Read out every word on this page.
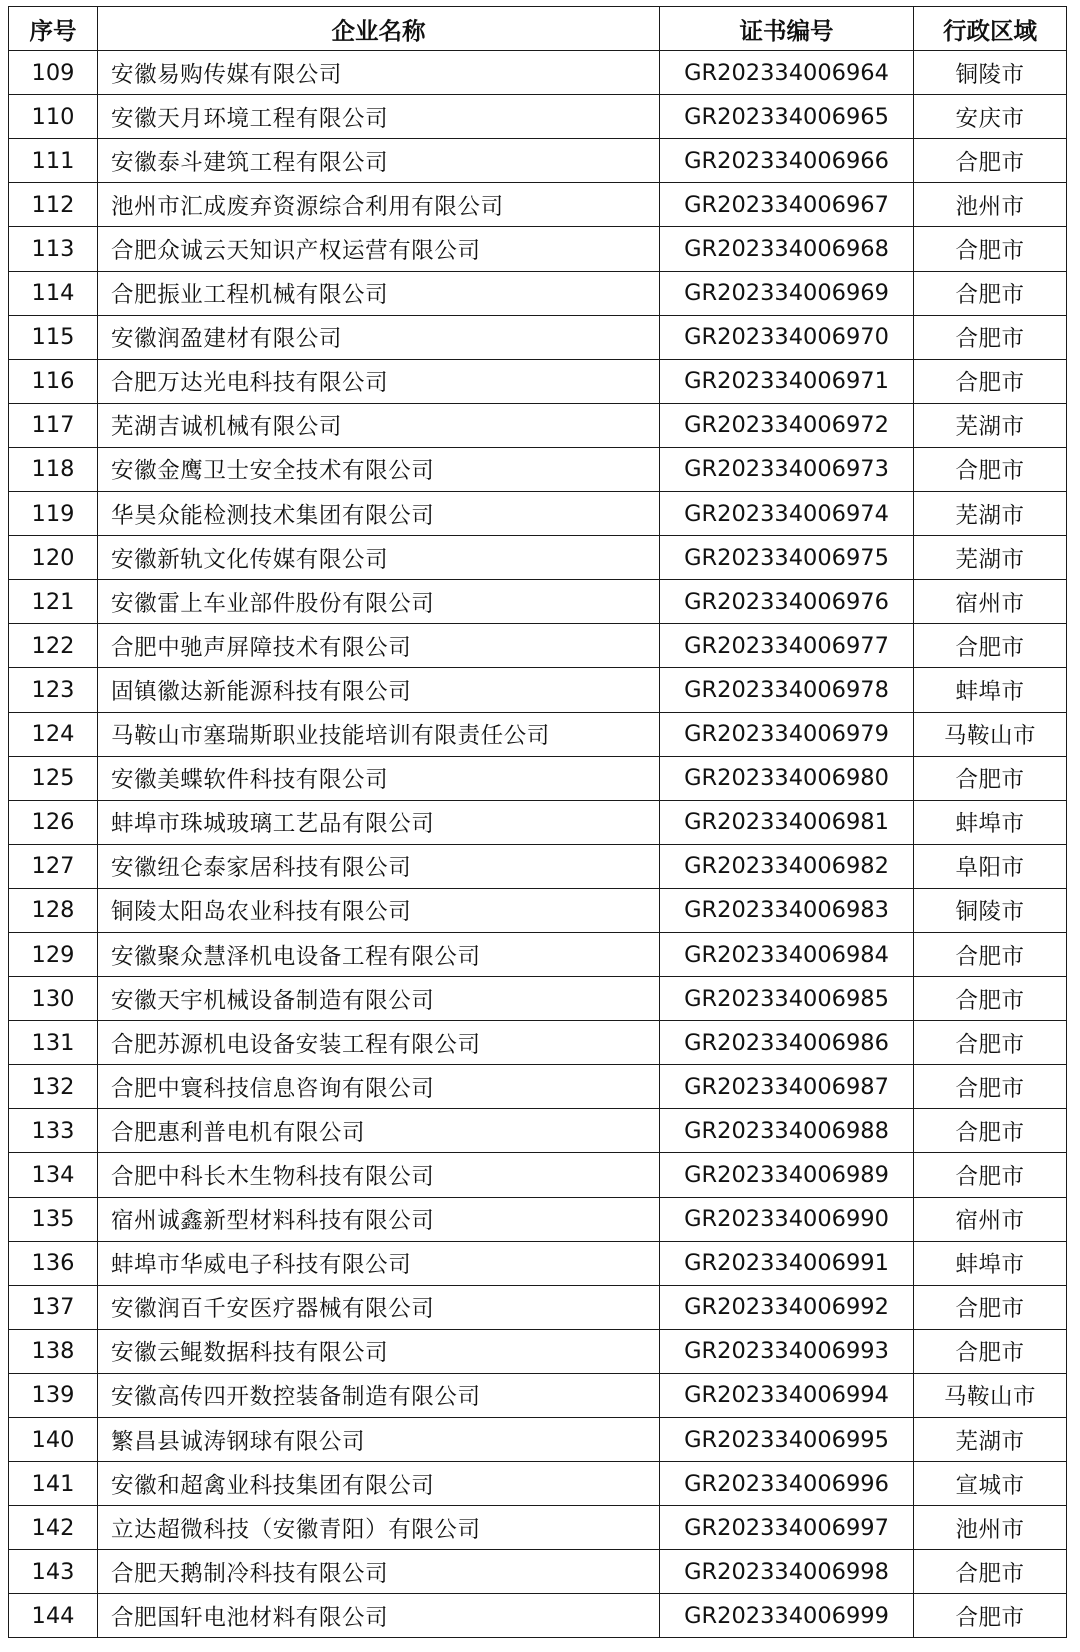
序号	企业名称	证书编号	行政区域
109	安徽易购传媒有限公司	GR202334006964	铜陵市
110	安徽天月环境工程有限公司	GR202334006965	安庆市
111	安徽泰斗建筑工程有限公司	GR202334006966	合肥市
112	池州市汇成废弃资源综合利用有限公司	GR202334006967	池州市
113	合肥众诚云天知识产权运营有限公司	GR202334006968	合肥市
114	合肥振业工程机械有限公司	GR202334006969	合肥市
115	安徽润盈建材有限公司	GR202334006970	合肥市
116	合肥万达光电科技有限公司	GR202334006971	合肥市
117	芜湖吉诚机械有限公司	GR202334006972	芜湖市
118	安徽金鹰卫士安全技术有限公司	GR202334006973	合肥市
119	华昊众能检测技术集团有限公司	GR202334006974	芜湖市
120	安徽新轨文化传媒有限公司	GR202334006975	芜湖市
121	安徽雷上车业部件股份有限公司	GR202334006976	宿州市
122	合肥中驰声屏障技术有限公司	GR202334006977	合肥市
123	固镇徽达新能源科技有限公司	GR202334006978	蚌埠市
124	马鞍山市塞瑞斯职业技能培训有限责任公司	GR202334006979	马鞍山市
125	安徽美蝶软件科技有限公司	GR202334006980	合肥市
126	蚌埠市珠城玻璃工艺品有限公司	GR202334006981	蚌埠市
127	安徽纽仑泰家居科技有限公司	GR202334006982	阜阳市
128	铜陵太阳岛农业科技有限公司	GR202334006983	铜陵市
129	安徽聚众慧泽机电设备工程有限公司	GR202334006984	合肥市
130	安徽天宇机械设备制造有限公司	GR202334006985	合肥市
131	合肥苏源机电设备安装工程有限公司	GR202334006986	合肥市
132	合肥中寰科技信息咨询有限公司	GR202334006987	合肥市
133	合肥惠利普电机有限公司	GR202334006988	合肥市
134	合肥中科长木生物科技有限公司	GR202334006989	合肥市
135	宿州诚鑫新型材料科技有限公司	GR202334006990	宿州市
136	蚌埠市华威电子科技有限公司	GR202334006991	蚌埠市
137	安徽润百千安医疗器械有限公司	GR202334006992	合肥市
138	安徽云鲲数据科技有限公司	GR202334006993	合肥市
139	安徽高传四开数控装备制造有限公司	GR202334006994	马鞍山市
140	繁昌县诚涛钢球有限公司	GR202334006995	芜湖市
141	安徽和超禽业科技集团有限公司	GR202334006996	宣城市
142	立达超微科技（安徽青阳）有限公司	GR202334006997	池州市
143	合肥天鹅制冷科技有限公司	GR202334006998	合肥市
144	合肥国轩电池材料有限公司	GR202334006999	合肥市
